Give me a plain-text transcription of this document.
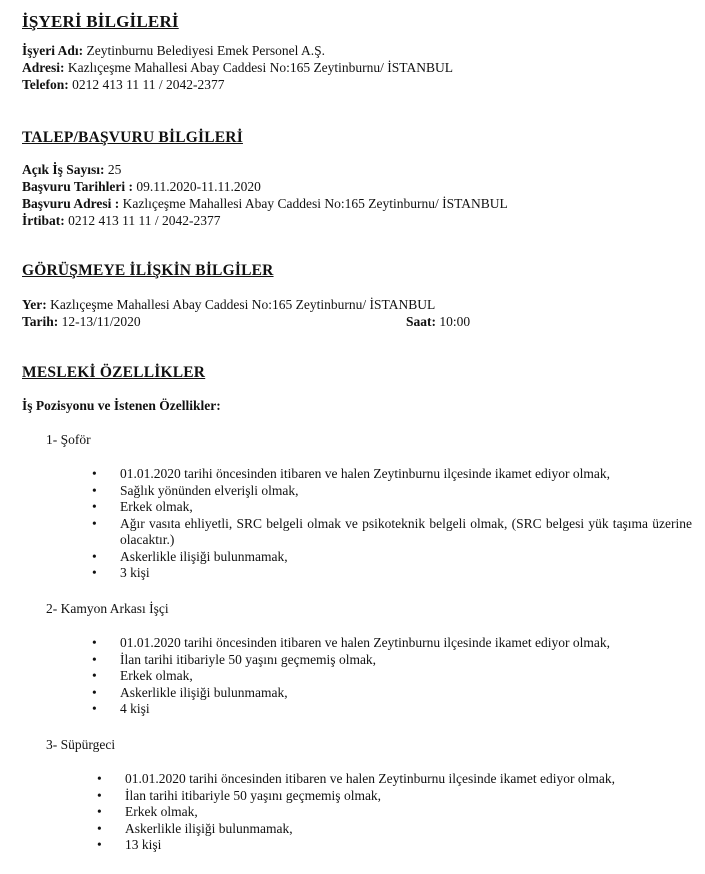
İŞYERİ BİLGİLERİ
İşyeri Adı: Zeytinburnu Belediyesi Emek Personel A.Ş.
Adresi: Kazlıçeşme Mahallesi Abay Caddesi No:165 Zeytinburnu/ İSTANBUL
Telefon: 0212 413 11 11 / 2042-2377
TALEP/BAŞVURU BİLGİLERİ
Açık İş Sayısı: 25
Başvuru Tarihleri : 09.11.2020-11.11.2020
Başvuru Adresi : Kazlıçeşme Mahallesi Abay Caddesi No:165 Zeytinburnu/ İSTANBUL
İrtibat: 0212 413 11 11 / 2042-2377
GÖRÜŞMEYE İLİŞKİN BİLGİLER
Yer: Kazlıçeşme Mahallesi Abay Caddesi No:165 Zeytinburnu/ İSTANBUL
Tarih: 12-13/11/2020	Saat: 10:00
MESLEKİ ÖZELLİKLER
İş Pozisyonu ve İstenen Özellikler:
1- Şoför
• 01.01.2020 tarihi öncesinden itibaren ve halen Zeytinburnu ilçesinde ikamet ediyor olmak,
• Sağlık yönünden elverişli olmak,
• Erkek olmak,
• Ağır vasıta ehliyetli, SRC belgeli olmak ve psikoteknik belgeli olmak, (SRC belgesi yük taşıma üzerine olacaktır.)
• Askerlikle ilişiği bulunmamak,
• 3 kişi
2- Kamyon Arkası İşçi
• 01.01.2020 tarihi öncesinden itibaren ve halen Zeytinburnu ilçesinde ikamet ediyor olmak,
• İlan tarihi itibariyle 50 yaşını geçmemiş olmak,
• Erkek olmak,
• Askerlikle ilişiği bulunmamak,
• 4 kişi
3- Süpürgeci
• 01.01.2020 tarihi öncesinden itibaren ve halen Zeytinburnu ilçesinde ikamet ediyor olmak,
• İlan tarihi itibariyle 50 yaşını geçmemiş olmak,
• Erkek olmak,
• Askerlikle ilişiği bulunmamak,
• 13 kişi
